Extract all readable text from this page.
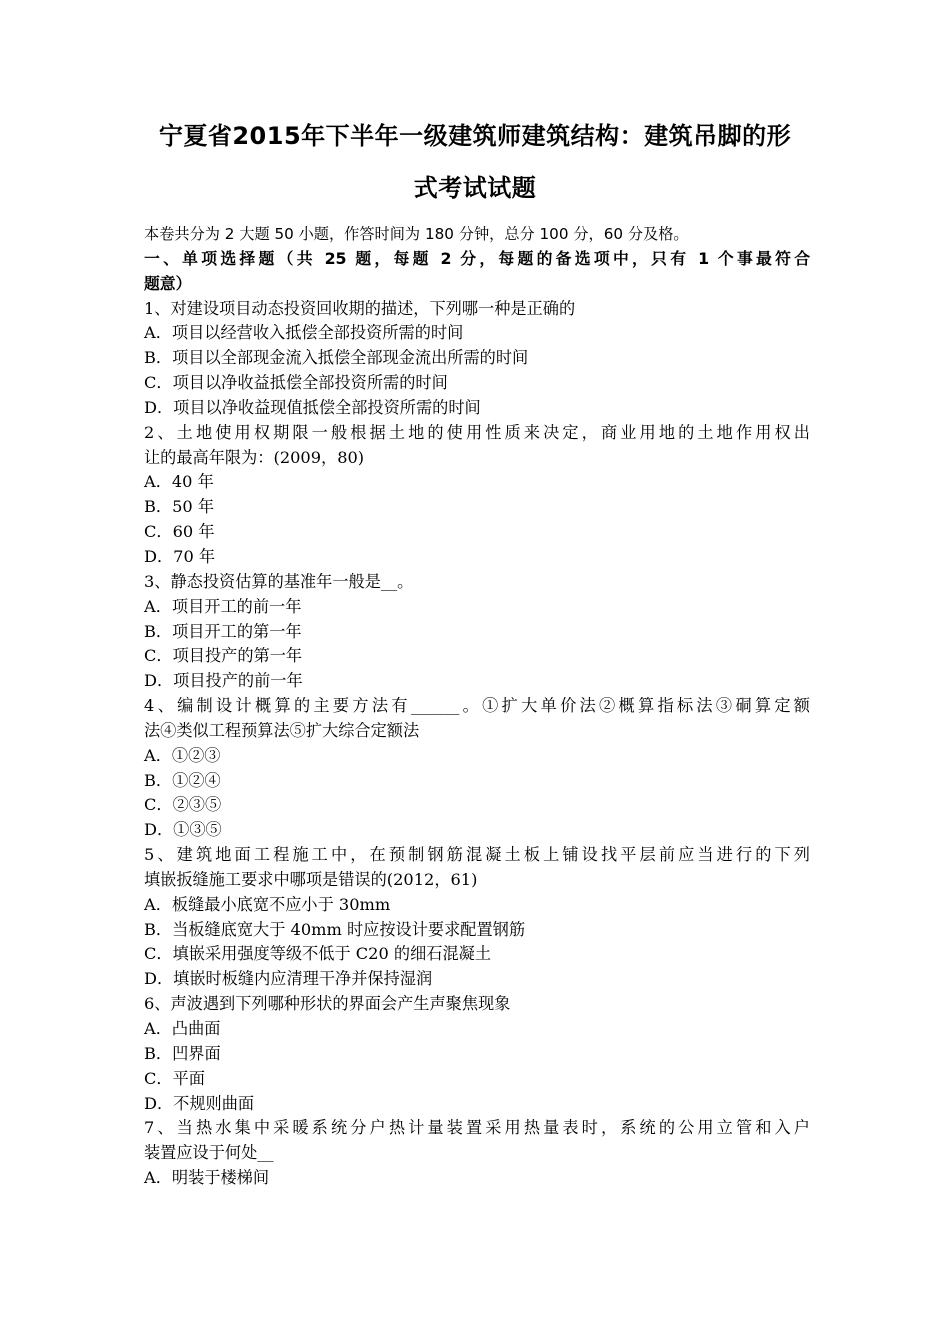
宁夏省2015年下半年一级建筑师建筑结构：建筑吊脚的形
式考试试题
本卷共分为 2 大题 50 小题，作答时间为 180 分钟，总分 100 分，60 分及格。
一、单项选择题（共 25 题，每题 2 分，每题的备选项中，只有 1 个事最符合
题意）
1、对建设项目动态投资回收期的描述，下列哪一种是正确的
A．项目以经营收入抵偿全部投资所需的时间
B．项目以全部现金流入抵偿全部现金流出所需的时间
C．项目以净收益抵偿全部投资所需的时间
D．项目以净收益现值抵偿全部投资所需的时间
2、土地使用权期限一般根据土地的使用性质来决定，商业用地的土地作用权出
让的最高年限为：(2009，80)
A．40 年
B．50 年
C．60 年
D．70 年
3、静态投资估算的基准年一般是__。
A．项目开工的前一年
B．项目开工的第一年
C．项目投产的第一年
D．项目投产的前一年
4、编制设计概算的主要方法有______。①扩大单价法②概算指标法③硐算定额
法④类似工程预算法⑤扩大综合定额法
A．①②③
B．①②④
C．②③⑤
D．①③⑤
5、建筑地面工程施工中，在预制钢筋混凝土板上铺设找平层前应当进行的下列
填嵌扳缝施工要求中哪项是错误的(2012，61)
A．板缝最小底宽不应小于 30mm
B．当板缝底宽大于 40mm 时应按设计要求配置钢筋
C．填嵌采用强度等级不低于 C20 的细石混凝土
D．填嵌时板缝内应清理干净并保持湿润
6、声波遇到下列哪种形状的界面会产生声聚焦现象
A．凸曲面
B．凹界面
C．平面
D．不规则曲面
7、当热水集中采暖系统分户热计量装置采用热量表时，系统的公用立管和入户
装置应设于何处__
A．明装于楼梯间
